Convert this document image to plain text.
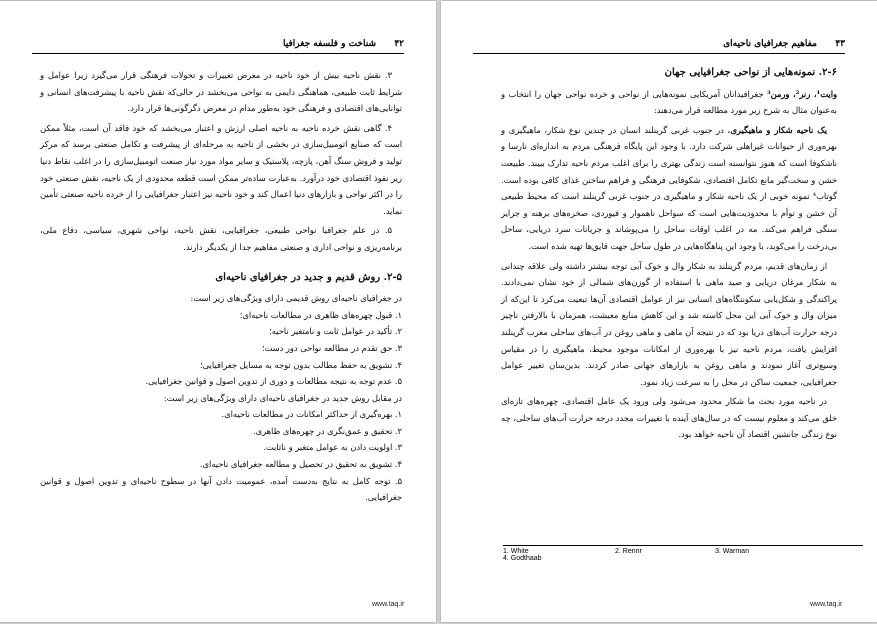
۴۲
شناخت و فلسفه جغرافیا

۳. نقش ناحیه بیش از خود ناحیه در معرض تغییرات و تحولات فرهنگی قرار می‌گیرد زیرا عوامل و شرایط ثابت طبیعی، هماهنگی دایمی به نواحی می‌بخشد در حالی‌که نقش ناحیه با پیشرفت‌های انسانی و توانایی‌های اقتصادی و فرهنگی خود به‌طور مدام در معرض دگرگونی‌ها قرار دارد.

۴. گاهی نقش خرده ناحیه به ناحیه اصلی ارزش و اعتبار می‌بخشد که خود فاقد آن است، مثلاً ممکن است که صنایع اتومبیل‌سازی در بخشی از ناحیه به مرحله‌ای از پیشرفت و تکامل صنعتی برسد که مرکز تولید و فروش سنگ آهن، پارچه، پلاستیک و سایر مواد مورد نیاز صنعت اتومبیل‌سازی را در اغلب نقاط دنیا زیر نفوذ اقتصادی خود درآورد. به‌عبارت ساده‌تر ممکن است قطعه محدودی از یک ناحیه، نقش صنعتی خود را در اکثر نواحی و بازارهای دنیا اعمال کند و خود ناحیه نیز اعتبار جغرافیایی را از خرده ناحیه صنعتی تأمین نماید.

۵. در علم جغرافیا نواحی طبیعی، جغرافیایی، نقش ناحیه، نواحی شهری، سیاسی، دفاع ملی، برنامه‌ریزی و نواحی اداری و صنعتی مفاهیم جدا از یکدیگر دارند.

۲-۵. روش قدیم و جدید در جغرافیای ناحیه‌ای

در جغرافیای ناحیه‌ای روش قدیمی دارای ویژگی‌های زیر است:

۱. قبول چهره‌های ظاهری در مطالعات ناحیه‌ای؛

۲. تأکید در عوامل ثابت و نامتغیر ناحیه؛

۳. حق تقدم در مطالعه نواحی دور دست؛

۴. تشویق به حفظ مطالب بدون توجه به مسایل جغرافیایی؛

۵. عدم توجه به نتیجه مطالعات و دوری از تدوین اصول و قوانین جغرافیایی.

در مقابل روش جدید در جغرافیای ناحیه‌ای دارای ویژگی‌های زیر است:

۱. بهره‌گیری از حداکثر امکانات در مطالعات ناحیه‌ای.

۲. تحقیق و عمق‌نگری در چهره‌های ظاهری.

۳. اولویت دادن به عوامل متغیر و ناثابت.

۴. تشویق به تحقیق در تحصیل و مطالعه جغرافیای ناحیه‌ای.

۵. توجه کامل به نتایج به‌دست آمده، عمومیت دادن آنها در سطوح ناحیه‌ای و تدوین اصول و قوانین جغرافیایی.

www.taq.ir
۴۳
مفاهیم جغرافیای ناحیه‌ای
۲-۶. نمونه‌هایی از نواحی جغرافیایی جهان

وایت¹، رنر²، ورمن³ جغرافیدانان آمریکایی نمونه‌هایی از نواحی و خرده نواحی جهان را انتخاب و به‌عنوان مثال به شرح زیر مورد مطالعه قرار می‌دهند:

یک ناحیه شکار و ماهیگیری. در جنوب غربی گرینلند انسان در چندین نوع شکار، ماهیگیری و بهره‌وری از حیوانات غیراهلی شرکت دارد. با وجود این پایگاه فرهنگی مردم به اندازه‌ای نارسا و ناشکوفا است که هنوز نتوانسته است زندگی بهتری را برای اغلب مردم ناحیه تدارک ببیند. طبیعت خشن و سخت‌گیر مانع تکامل اقتصادی، شکوفایی فرهنگی و فراهم ساختن غذای کافی بوده است. گوتاب⁴ نمونه خوبی از یک ناحیه شکار و ماهیگیری در جنوب غربی گرینلند است که محیط طبیعی آن خشن و توأم با محدودیت‌هایی است که سواحل ناهموار و فیوردی، صخره‌های برهنه و جزایر سنگی فراهم می‌کند. مه در اغلب اوقات ساحل را می‌پوشاند و جریانات سرد دریایی، ساحل بی‌درخت را می‌کوبد، با وجود این پناهگاه‌هایی در طول ساحل جهت قایق‌ها تهیه شده است.

از زمان‌های قدیم، مردم گرینلند به شکار وال و خوک آبی توجه بیشتر داشته ولی علاقه چندانی به شکار مرغان دریایی و صید ماهی با استفاده از گوزن‌های شمالی از خود نشان نمی‌دادند. پراکندگی و شکل‌یابی سکونتگاه‌های انسانی نیز از عوامل اقتصادی آن‌ها تبعیت می‌کرد تا این‌که از میزان وال و خوک آبی این محل کاسته شد و این کاهش منابع معیشت، همزمان با بالارفتن ناچیز درجه حرارت آب‌های دریا بود که در نتیجه آن ماهی و ماهی روغن در آب‌های ساحلی مغرب گرینلند افزایش یافت، مردم ناحیه نیز با بهره‌وری از امکانات موجود محیط، ماهیگیری را در مقیاس وسیع‌تری آغاز نمودند و ماهی روغن به بازارهای جهانی صادر کردند. بدین‌سان تغییر عوامل جغرافیایی، جمعیت ساکن در محل را به سرعت زیاد نمود.

در ناحیه مورد بحث ما شکار محدود می‌شود ولی ورود یک عامل اقتصادی، چهره‌های تازه‌ای خلق می‌کند و معلوم نیست که در سال‌های آینده با تغییرات مجدد درجه حرارت آب‌های ساحلی، چه نوع زندگی جانشین اقتصاد آن ناحیه خواهد بود.

1. White	2. Rennr	3. Warman
4. Godthaab
www.taq.ir
